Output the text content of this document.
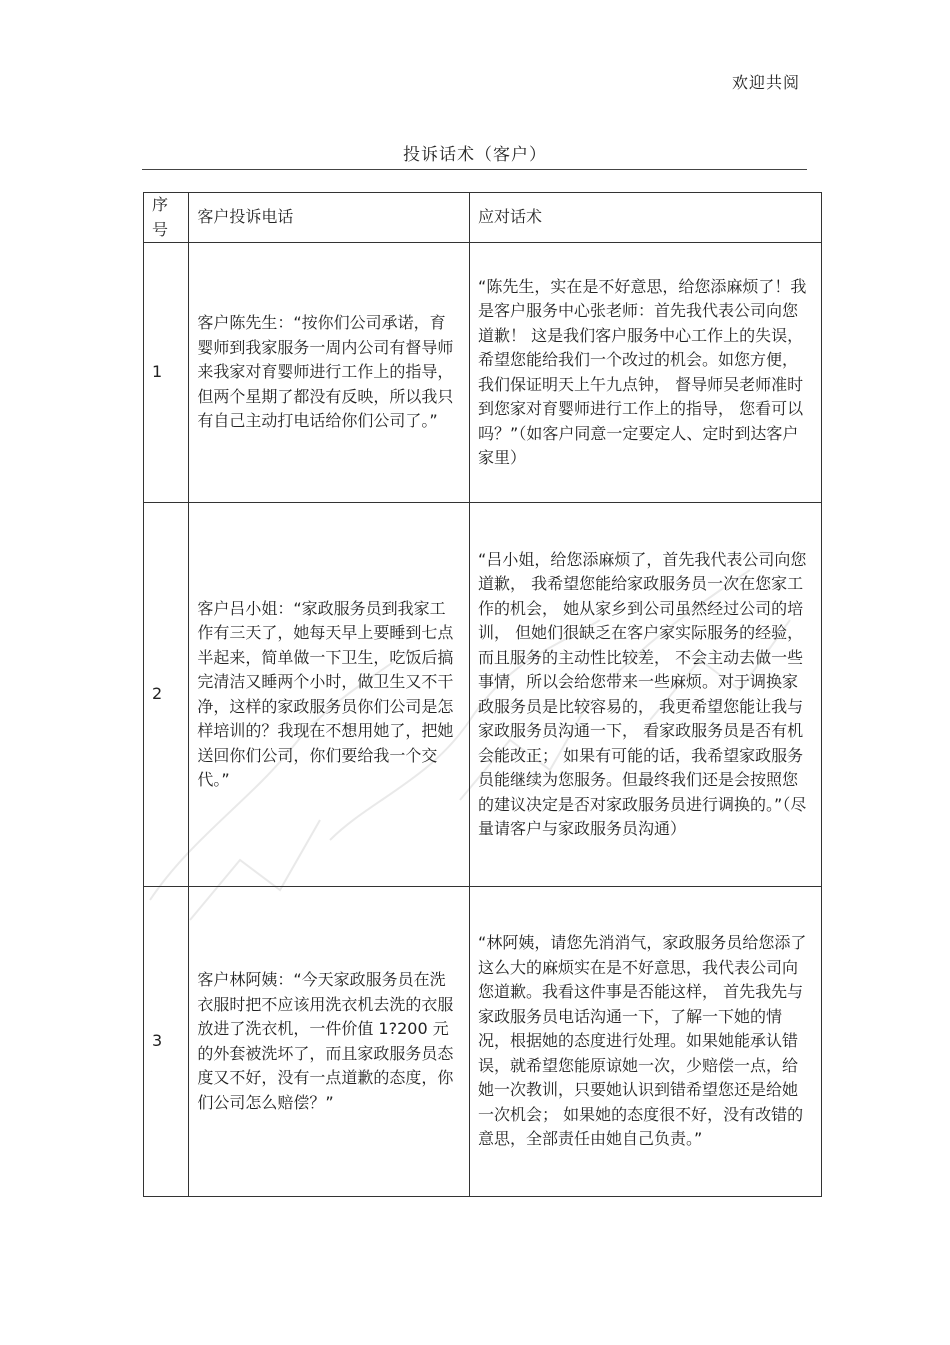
欢迎共阅
投诉话术（客户）
序号	客户投诉电话	应对话术
1	客户陈先生：“按你们公司承诺，育婴师到我家服务一周内公司有督导师来我家对育婴师进行工作上的指导，但两个星期了都没有反映，所以我只有自己主动打电话给你们公司了。”	“陈先生，实在是不好意思，给您添麻烦了！我是客户服务中心张老师：首先我代表公司向您道歉！ 这是我们客户服务中心工作上的失误， 希望您能给我们一个改过的机会。如您方便，我们保证明天上午九点钟， 督导师吴老师准时到您家对育婴师进行工作上的指导， 您看可以吗？”（如客户同意一定要定人、定时到达客户家里）
2	客户吕小姐：“家政服务员到我家工作有三天了，她每天早上要睡到七点半起来，简单做一下卫生，吃饭后搞完清洁又睡两个小时，做卫生又不干净，这样的家政服务员你们公司是怎样培训的？我现在不想用她了，把她送回你们公司，你们要给我一个交代。”	“吕小姐，给您添麻烦了，首先我代表公司向您道歉， 我希望您能给家政服务员一次在您家工作的机会， 她从家乡到公司虽然经过公司的培训， 但她们很缺乏在客户家实际服务的经验， 而且服务的主动性比较差， 不会主动去做一些事情，所以会给您带来一些麻烦。对于调换家政服务员是比较容易的， 我更希望您能让我与家政服务员沟通一下， 看家政服务员是否有机会能改正； 如果有可能的话，我希望家政服务员能继续为您服务。但最终我们还是会按照您的建议决定是否对家政服务员进行调换的。”（尽量请客户与家政服务员沟通）
3	客户林阿姨：“今天家政服务员在洗衣服时把不应该用洗衣机去洗的衣服放进了洗衣机，一件价值 1?200 元的外套被洗坏了，而且家政服务员态度又不好，没有一点道歉的态度，你们公司怎么赔偿？”	“林阿姨，请您先消消气，家政服务员给您添了这么大的麻烦实在是不好意思，我代表公司向您道歉。我看这件事是否能这样， 首先我先与家政服务员电话沟通一下，了解一下她的情况，根据她的态度进行处理。如果她能承认错误，就希望您能原谅她一次，少赔偿一点，给她一次教训，只要她认识到错希望您还是给她一次机会； 如果她的态度很不好，没有改错的意思，全部责任由她自己负责。”
